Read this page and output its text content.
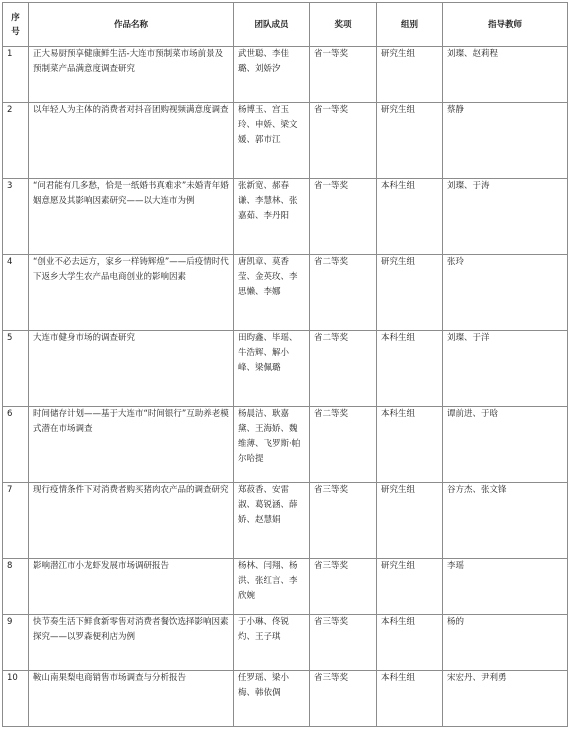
序号	作品名称	团队成员	奖项	组别	指导教师
1	正大易厨预享健康鲜生活-大连市预制菜市场前景及预制菜产品满意度调查研究	武世聪、李佳璐、刘娇汐	省一等奖	研究生组	刘璨、赵莉程
2	以年轻人为主体的消费者对抖音团购视频满意度调查	杨博玉、宫玉玲、申娇、梁文媛、郭市江	省一等奖	研究生组	蔡静
3	“问君能有几多愁，恰是一纸婚书真难求”未婚青年婚姻意愿及其影响因素研究——以大连市为例	张新宽、郝春谦、李慧林、张嘉茹、李丹阳	省一等奖	本科生组	刘璨、于涛
4	“创业不必去远方，家乡一样铸辉煌”——后疫情时代下返乡大学生农产品电商创业的影响因素	唐凯章、莫香莹、金英玫、李思懒、李娜	省二等奖	研究生组	张玲
5	大连市健身市场的调查研究	田昀鑫、毕瑶、牛浩辉、解小峰、梁佩璐	省二等奖	本科生组	刘璨、于洋
6	时间储存计划——基于大连市“时间银行”互助养老模式潜在市场调查	杨晨洁、耿嘉黛、王海娇、魏维薄、飞罗斯·帕尔哈提	省二等奖	本科生组	谭前进、于晗
7	现行疫情条件下对消费者购买猪肉农产品的调查研究	郑菽香、安雷淑、葛锐涵、薛娇、赵慧娟	省三等奖	研究生组	谷方杰、张文锋
8	影响潜江市小龙虾发展市场调研报告	杨林、闫翔、杨洪、张红言、李欣婉	省三等奖	研究生组	李瑶
9	快节奏生活下鲜食新零售对消费者餐饮选择影响因素探究——以罗森便利店为例	于小琳、佟锐灼、王子琪	省三等奖	本科生组	杨的
10	鞍山南果梨电商销售市场调查与分析报告	任罗瑶、梁小梅、韩依倜	省三等奖	本科生组	宋宏丹、尹利勇
